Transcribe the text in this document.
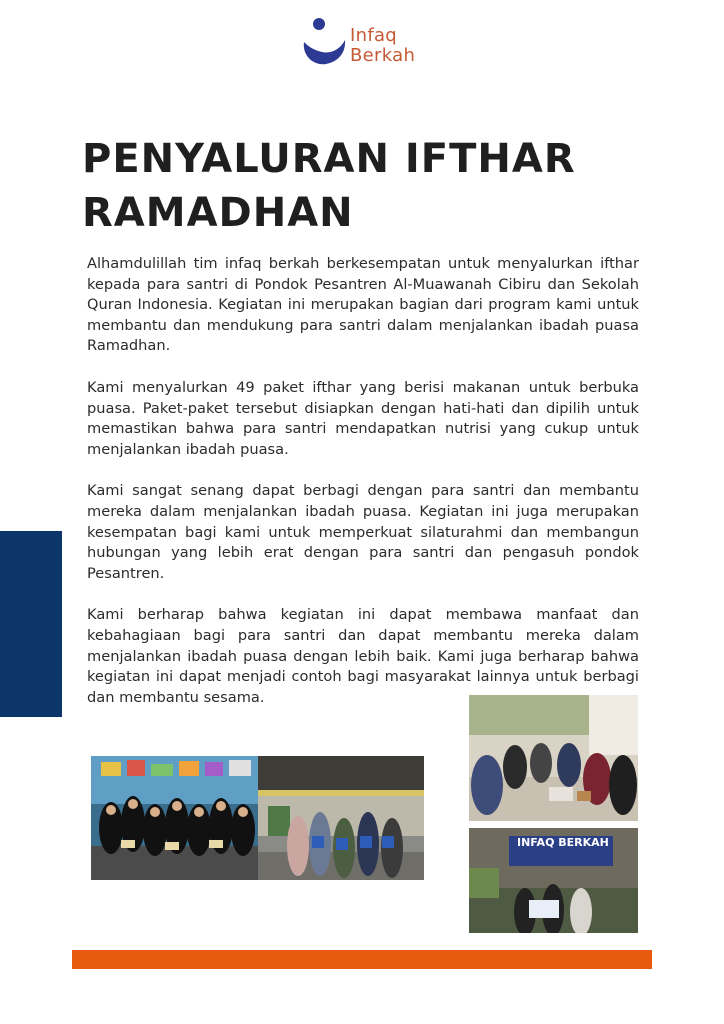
Infaq
Berkah
PENYALURAN IFTHAR
RAMADHAN

Alhamdulillah tim infaq berkah berkesempatan untuk menyalurkan ifthar kepada para santri di Pondok Pesantren Al-Muawanah Cibiru dan Sekolah Quran Indonesia. Kegiatan ini merupakan bagian dari program kami untuk membantu dan mendukung para santri dalam menjalankan ibadah puasa Ramadhan.

Kami menyalurkan 49 paket ifthar yang berisi makanan untuk berbuka puasa. Paket-paket tersebut disiapkan dengan hati-hati dan dipilih untuk memastikan bahwa para santri mendapatkan nutrisi yang cukup untuk menjalankan ibadah puasa.

Kami sangat senang dapat berbagi dengan para santri dan membantu mereka dalam menjalankan ibadah puasa. Kegiatan ini juga merupakan kesempatan bagi kami untuk memperkuat silaturahmi dan membangun hubungan yang lebih erat dengan para santri dan pengasuh pondok Pesantren.

Kami berharap bahwa kegiatan ini dapat membawa manfaat dan kebahagiaan bagi para santri dan dapat membantu mereka dalam menjalankan ibadah puasa dengan lebih baik. Kami juga berharap bahwa kegiatan ini dapat menjadi contoh bagi masyarakat lainnya untuk berbagi dan membantu sesama.

INFAQ BERKAH
